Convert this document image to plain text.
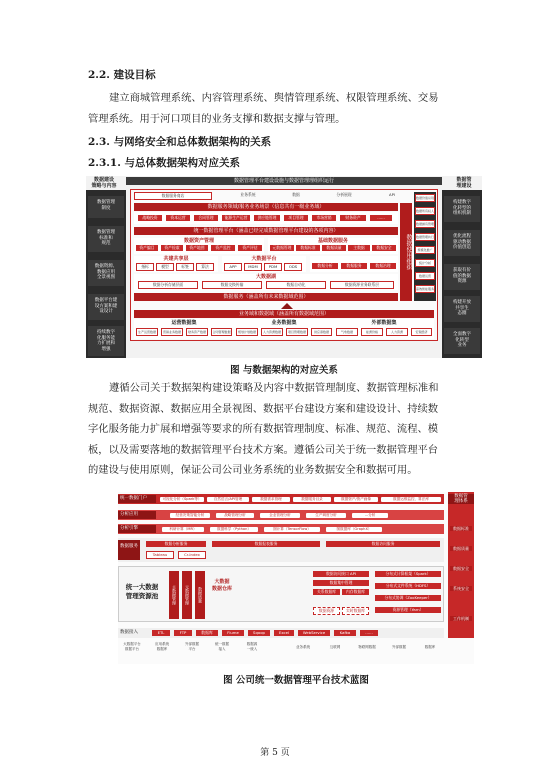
2.2. 建设目标
建立商城管理系统、内容管理系统、舆情管理系统、权限管理系统、交易
管理系统。用于河口项目的业务支撑和数据支撑与管理。
2.3. 与网络安全和总体数据架构的关系
2.3.1. 与总体数据架构对应关系
数据建设
策略与内容
数据管
理建设
数据管理平台建设设施与数据管理理组织运行
数据管理
制度
数据管理
标准和
规范
数据资源、
数据应用
全景视图
数据平台建
设方案和建
设设计
持续数字
化服务能
力扩展和
增强
构建数字
化转型的
组织机制
优化流程
驱动数据
价值创造
获取有价
值的数据
资源
构建开放
共享生
态圈
全面数字
化转型
业务
数据服务商店	业务系统	数据	分析展现	API
数据服务领域/服务业务场景（信息共有一级业务域）
战略投资	资本运营	合同管理	能源生产运营	供应链管理	项目管理	市场营销	财务资产	……
统一数据管理平台（涵盖已经完成数据管理平台建设的各项内容）
数据资产管理
资产编目	资产检索	资产地图	资产监控	资产评估
基础数据服务
元数据管理	数据标准	数据质量	主数据	数据安全
共建共享层
指标	模型	标签	算法
大数据平台
APP	MDM	PDM	ODS	数据分析	数据服务	数据治理
大数据湖
数据分析存储层面	数据交换传输	数据自动化	数据资源业务联系层
数据服务（涵盖所有未来数据域范围）
数据使用组织
数据价值识别
数据所有权人
数据拥有管理
数据管理执行
规模化推广
统计分析
数据运营
高效智能服务
业务域和数据域（涵盖所有数据域范围）
运营数据集	业务数据集	外部数据集
生产运营数据	营销业务数据	财务资产数据	合同管理数据	规划计划数据	人力资源数据	项目管理数据	供应商数据	气象数据	能源价格	人力资源	宏观经济
图 与数据架构的对应关系
遵循公司关于数据架构建设策略及内容中数据管理制度、数据管理标准和
规范、数据资源、数据应用全景视图、数据平台建设方案和建设设计、持续数
字化服务能力扩展和增强等要求的所有数据管理制度、标准、规范、流程、模
板，以及需要落地的数据管理平台技术方案。遵循公司关于统一数据管理平台
的建设与使用原则，保证公司公司业务系统的业务数据安全和数据可用。
统一数据门户	可视化分析（Spark等）	自然语言/API管理	数据需求管理	数据服务目录	数据资产/资产画像	数据运维监控、算法库
分析应用	经营决策智能分析	战略管理分析	企业管理分析	生产调度分析	…分析
分析引擎	科研计算（MR）	数据科学（Python）	图计算（TensorFlow）	图数据库（GraphX）
数据服务
数据分析服务
Tableau	Cr-Index
数据报表服务	数据访问服务
统一大数据
管理资源池	主数据管理	元数据管理	数据质量
大数据
数据仓库
数据访问接口 API
数据集中管理
关系数据库	内存数据库
数据资源	实时数据库
分布式计算框架（Spark）
分布式文件系统（HDFS）
分布式协调（ZooKeeper）
资源管理（Yarn）
数据接入	ETL	FTP	数据库	Flume	Sqoop	Excel	WebService	Kafka	……
大数据平台
数据平台
应用系统
数据库
外部数据
平台
统一数据
接入
数据源
一统入	业务系统	互联网	物联网数据	外部数据	数据库
数据管
理体系
数据标准
数据质量
数据安全
系统安全
工作机制
图 公司统一数据管理平台技术蓝图
第 5 页
